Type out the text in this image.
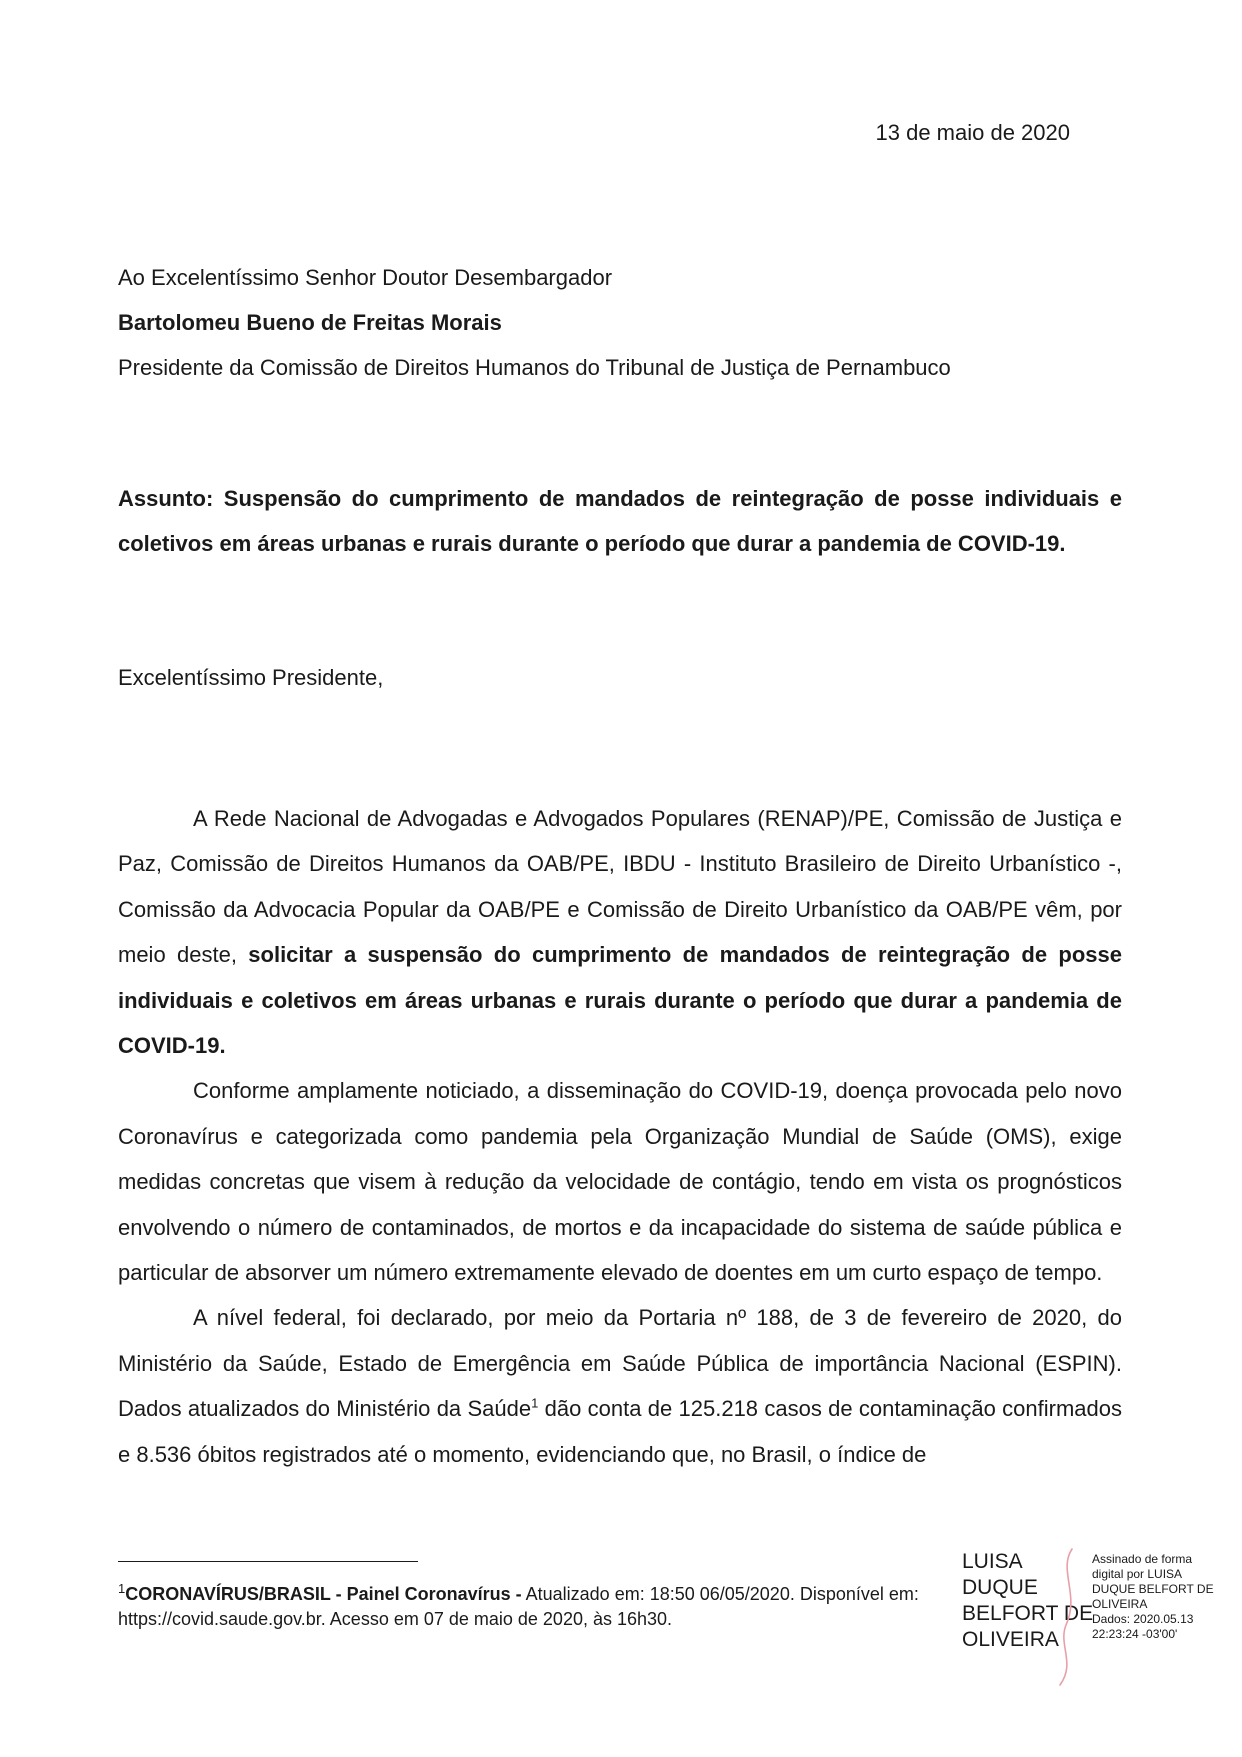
13 de maio de 2020
Ao Excelentíssimo Senhor Doutor Desembargador
Bartolomeu Bueno de Freitas Morais
Presidente da Comissão de Direitos Humanos do Tribunal de Justiça de Pernambuco
Assunto: Suspensão do cumprimento de mandados de reintegração de posse individuais e coletivos em áreas urbanas e rurais durante o período que durar a pandemia de COVID-19.
Excelentíssimo Presidente,

A Rede Nacional de Advogadas e Advogados Populares (RENAP)/PE, Comissão de Justiça e Paz, Comissão de Direitos Humanos da OAB/PE, IBDU - Instituto Brasileiro de Direito Urbanístico -, Comissão da Advocacia Popular da OAB/PE e Comissão de Direito Urbanístico da OAB/PE vêm, por meio deste, solicitar a suspensão do cumprimento de mandados de reintegração de posse individuais e coletivos em áreas urbanas e rurais durante o período que durar a pandemia de COVID-19.

Conforme amplamente noticiado, a disseminação do COVID-19, doença provocada pelo novo Coronavírus e categorizada como pandemia pela Organização Mundial de Saúde (OMS), exige medidas concretas que visem à redução da velocidade de contágio, tendo em vista os prognósticos envolvendo o número de contaminados, de mortos e da incapacidade do sistema de saúde pública e particular de absorver um número extremamente elevado de doentes em um curto espaço de tempo.

A nível federal, foi declarado, por meio da Portaria nº 188, de 3 de fevereiro de 2020, do Ministério da Saúde, Estado de Emergência em Saúde Pública de importância Nacional (ESPIN). Dados atualizados do Ministério da Saúde$^1$ dão conta de 125.218 casos de contaminação confirmados e 8.536 óbitos registrados até o momento, evidenciando que, no Brasil, o índice de

$^1$CORONAVÍRUS/BRASIL - Painel Coronavírus - Atualizado em: 18:50 06/05/2020. Disponível em: https://covid.saude.gov.br. Acesso em 07 de maio de 2020, às 16h30.
LUISA
DUQUE
BELFORT DE
OLIVEIRA
Assinado de forma
digital por LUISA
DUQUE BELFORT DE
OLIVEIRA
Dados: 2020.05.13
22:23:24 -03'00'
